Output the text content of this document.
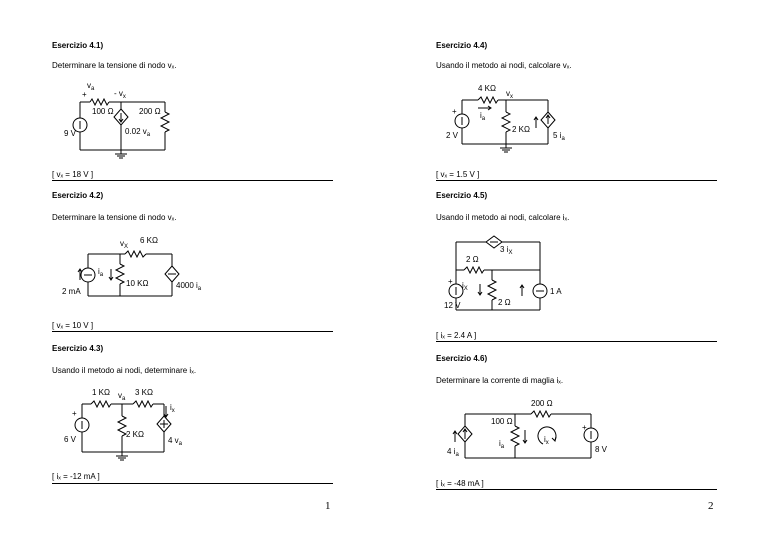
Esercizio 4.1)
Determinare la tensione di nodo vₓ.
$v_a - v_x$
+
100 Ω
9 V	0.02 $v_a$
200 Ω
[ vₓ = 18 V ]
Esercizio 4.2)
Determinare la tensione di nodo vₓ.
$v_X$
6 KΩ
2 mA
$i_a$
10 KΩ	4000 $i_a$
[ vₓ = 10 V ]
Esercizio 4.3)
Usando il metodo ai nodi, determinare iₓ.
1 KΩ $v_a$
3 KΩ
$i_x$
+
6 V
2 KΩ
4 $v_a$
[ iₓ = -12 mA ]
1
Esercizio 4.4)
Usando il metodo ai nodi, calcolare vₓ.
4 KΩ
$v_x$
$i_a$
+
2 V
2 KΩ
5 $i_a$
[ vₓ = 1.5 V ]
Esercizio 4.5)
Usando il metodo ai nodi, calcolare iₓ.
3 $i_X$
2 Ω
$i_X$
+
12 V	2 Ω
1 A
[ iₓ = 2.4 A ]
Esercizio 4.6)
Determinare la corrente di maglia iₓ.
200 Ω
100 Ω
4 $i_a$
$i_a$
$i_x$
+
8 V
[ iₓ = -48 mA ]
2
